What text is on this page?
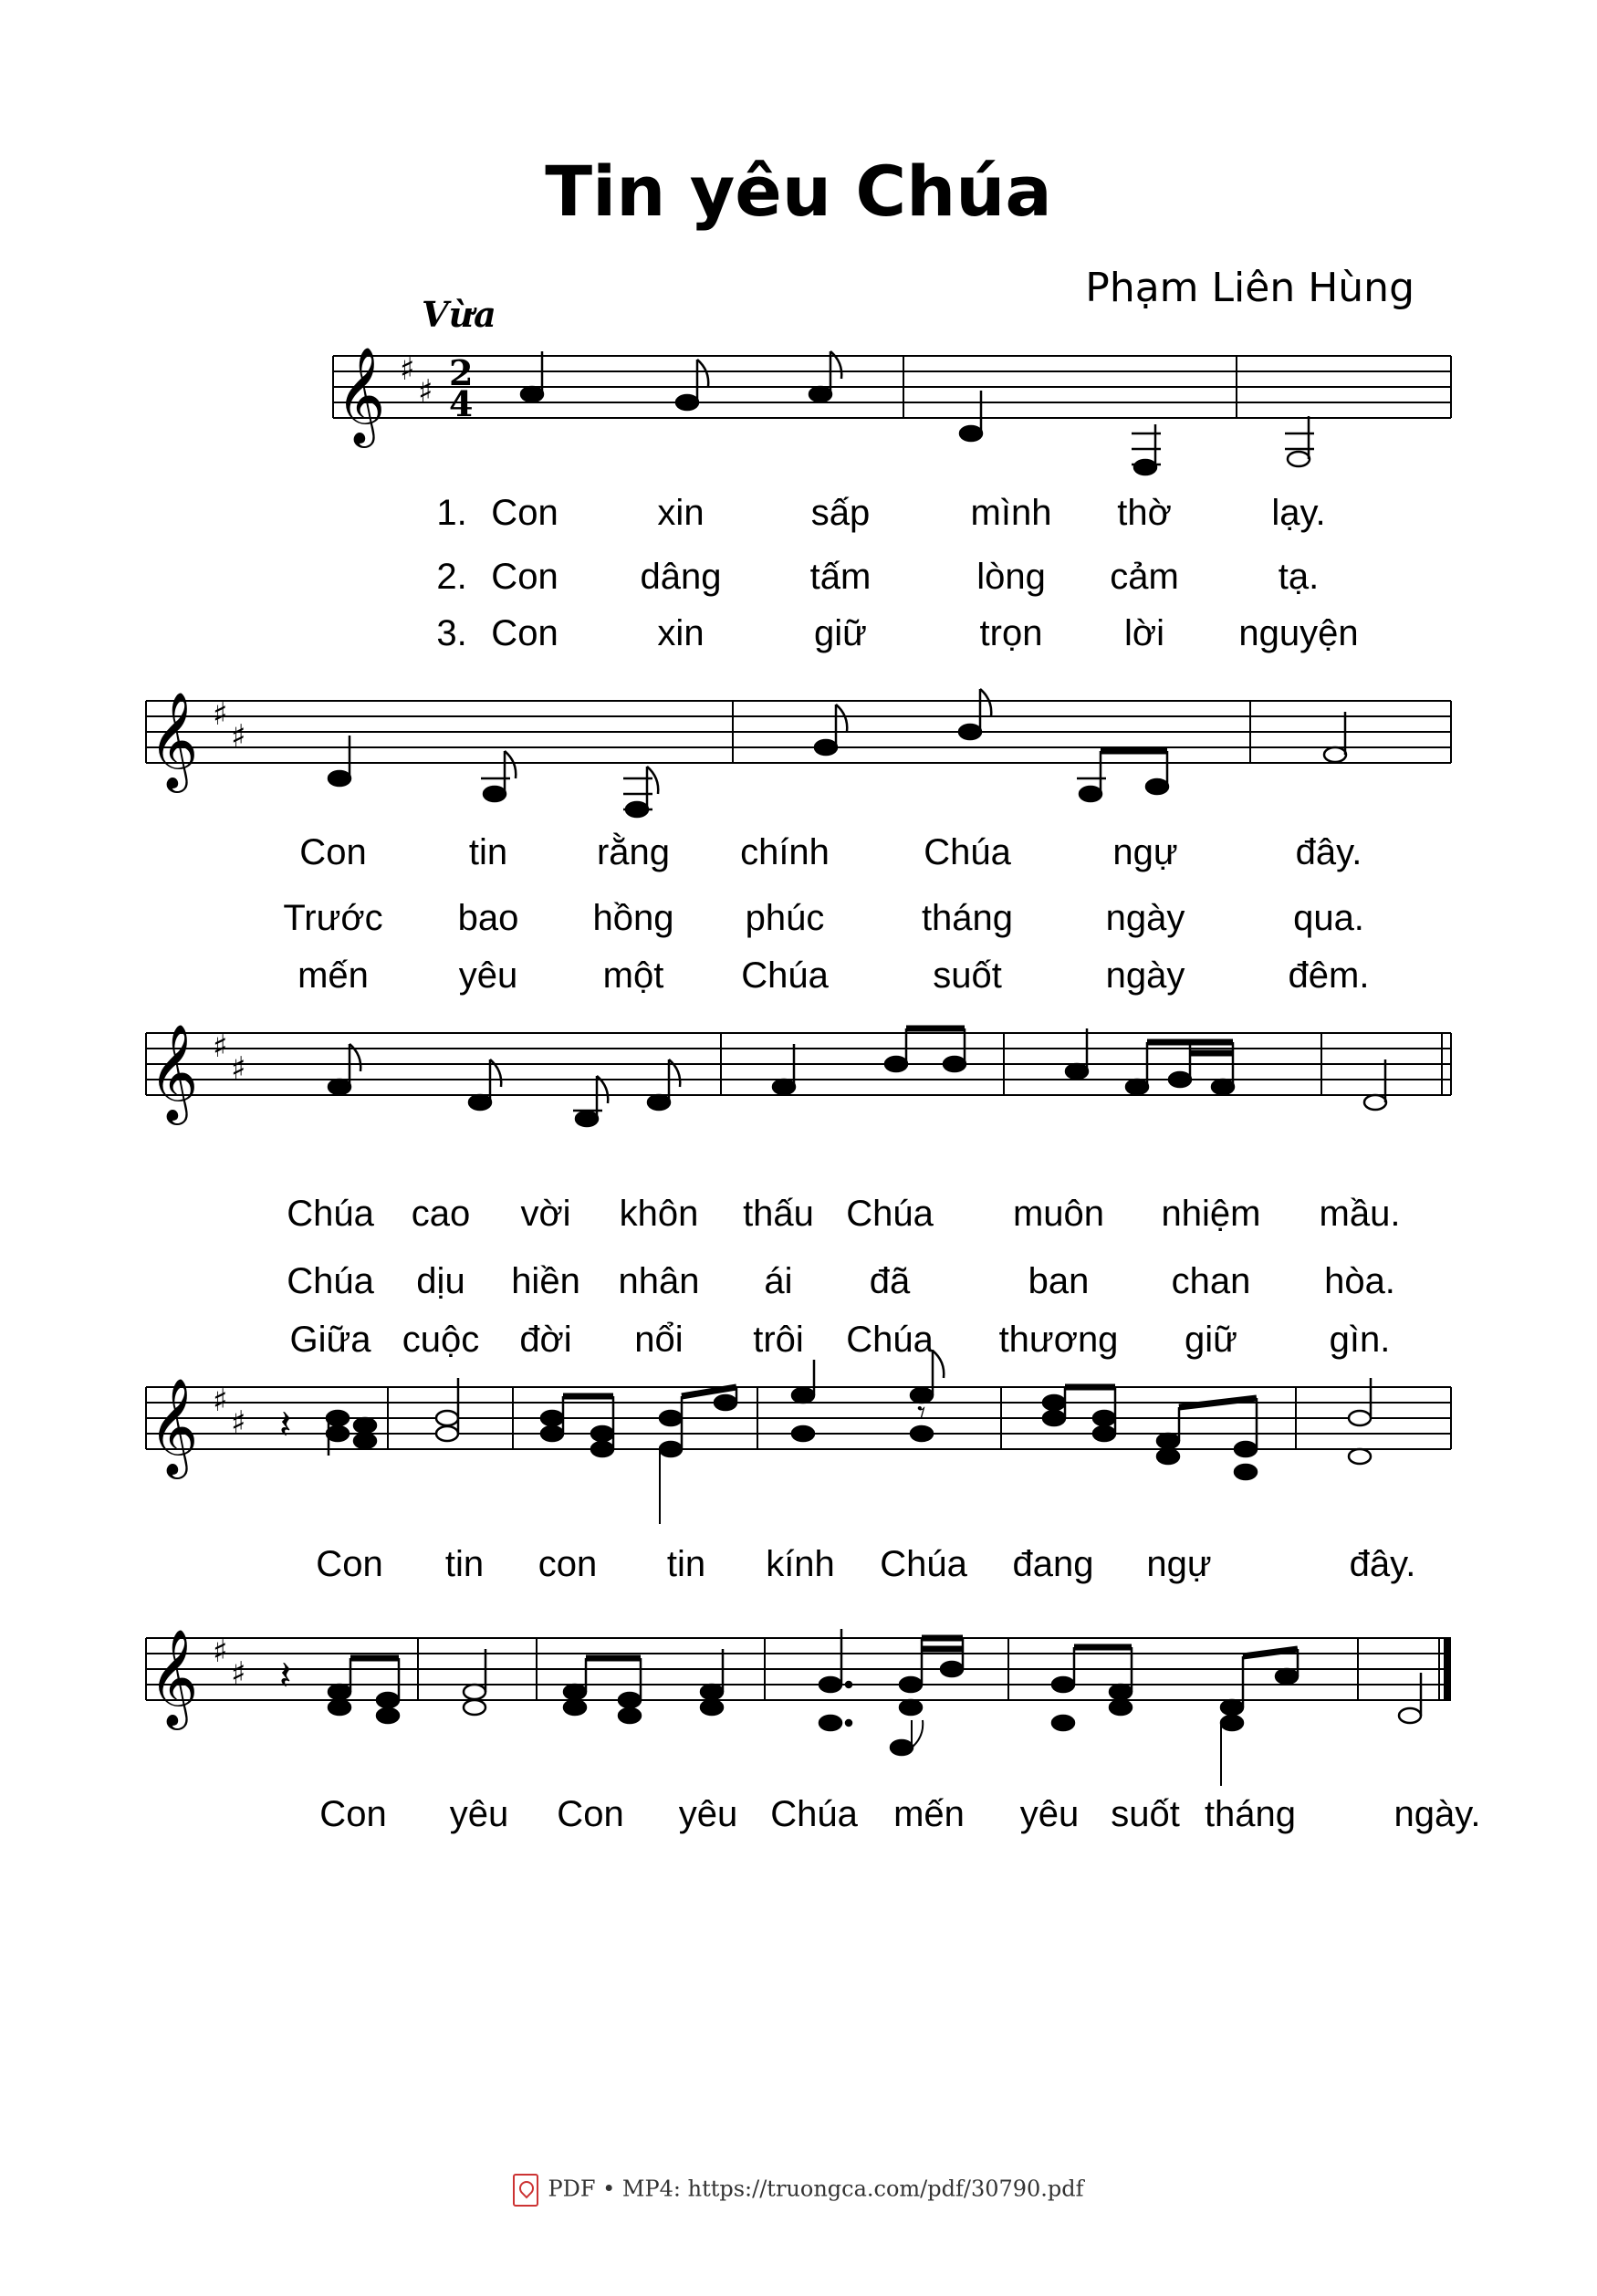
Tin yêu Chúa
Phạm Liên Hùng
Vừa
𝄞 ♯
♯ 2
4
𝄞 ♯
♯
𝄞 ♯
♯
𝄞 ♯
♯ 𝄽	𝄾
𝄞 ♯
♯ 𝄽
1. Con	xin	sấp	mình thờ	lạy.
2. Con dâng tấm	lòng cảm	tạ.
3. Con	xin	giữ	trọn lời nguyện
Con	tin rằng chính	Chúa	ngự	đây.
Trước bao hồng phúc	tháng	ngày	qua.
mến yêu một Chúa	suốt	ngày	đêm.
Chúa cao vời khôn thấu Chúa muôn nhiệm mầu.
Chúa dịu hiền nhân ái đã	ban chan hòa.
Giữa cuộc đời nổi trôi Chúa thương giữ	gìn.
Con tin con tin kính Chúa đang ngự	đây.
Con yêu Con yêu Chúa mến yêu suốt tháng	ngày.
PDF • MP4: https://truongca.com/pdf/30790.pdf
